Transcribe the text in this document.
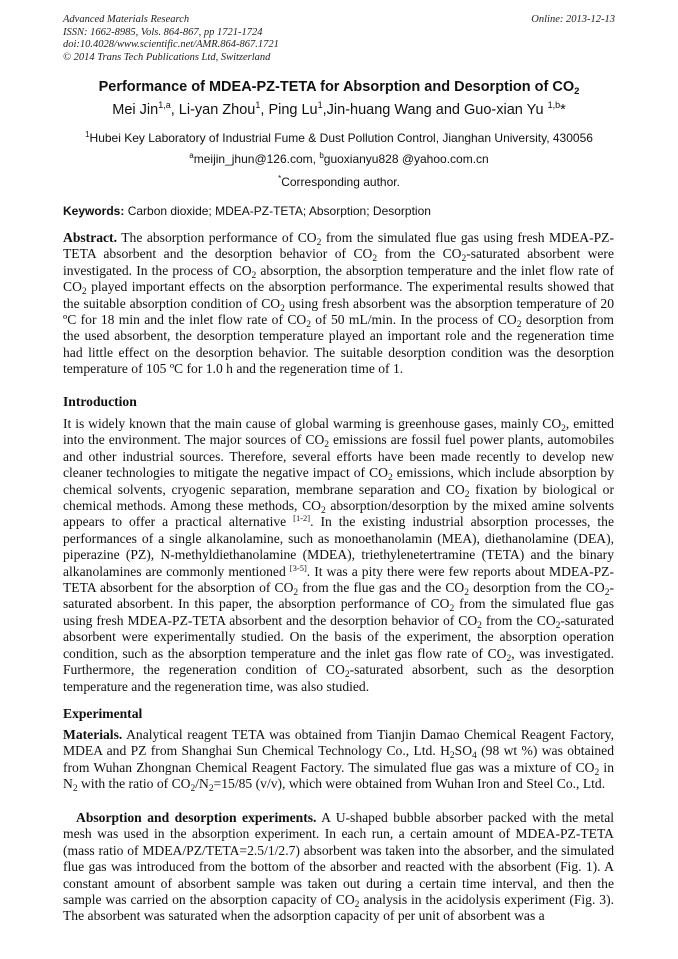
Advanced Materials Research
ISSN: 1662-8985, Vols. 864-867, pp 1721-1724
doi:10.4028/www.scientific.net/AMR.864-867.1721
© 2014 Trans Tech Publications Ltd, Switzerland
Online: 2013-12-13
Performance of MDEA-PZ-TETA for Absorption and Desorption of $CO_2$
Mei Jin$^{1,a}$, Li-yan Zhou$^1$, Ping Lu$^1$,Jin-huang Wang and Guo-xian Yu $^{1,b}$*
$^1$Hubei Key Laboratory of Industrial Fume & Dust Pollution Control, Jianghan University, 430056
$^a$meijin_jhun@126.com, $^b$guoxianyu828 @yahoo.com.cn
*Corresponding author.
Keywords: Carbon dioxide; MDEA-PZ-TETA; Absorption; Desorption
Abstract. The absorption performance of $CO_2$ from the simulated flue gas using fresh MDEA-PZ-TETA absorbent and the desorption behavior of $CO_2$ from the $CO_2$-saturated absorbent were investigated. In the process of $CO_2$ absorption, the absorption temperature and the inlet flow rate of $CO_2$ played important effects on the absorption performance. The experimental results showed that the suitable absorption condition of $CO_2$ using fresh absorbent was the absorption temperature of 20 ºC for 18 min and the inlet flow rate of $CO_2$ of 50 mL/min. In the process of $CO_2$ desorption from the used absorbent, the desorption temperature played an important role and the regeneration time had little effect on the desorption behavior. The suitable desorption condition was the desorption temperature of 105 ºC for 1.0 h and the regeneration time of 1.
Introduction
It is widely known that the main cause of global warming is greenhouse gases, mainly $CO_2$, emitted into the environment. The major sources of $CO_2$ emissions are fossil fuel power plants, automobiles and other industrial sources. Therefore, several efforts have been made recently to develop new cleaner technologies to mitigate the negative impact of $CO_2$ emissions, which include absorption by chemical solvents, cryogenic separation, membrane separation and $CO_2$ fixation by biological or chemical methods. Among these methods, $CO_2$ absorption/desorption by the mixed amine solvents appears to offer a practical alternative [1-2]. In the existing industrial absorption processes, the performances of a single alkanolamine, such as monoethanolamin (MEA), diethanolamine (DEA), piperazine (PZ), N-methyldiethanolamine (MDEA), triethylenetertramine (TETA) and the binary alkanolamines are commonly mentioned [3-5]. It was a pity there were few reports about MDEA-PZ-TETA absorbent for the absorption of $CO_2$ from the flue gas and the $CO_2$ desorption from the $CO_2$-saturated absorbent. In this paper, the absorption performance of $CO_2$ from the simulated flue gas using fresh MDEA-PZ-TETA absorbent and the desorption behavior of $CO_2$ from the $CO_2$-saturated absorbent were experimentally studied. On the basis of the experiment, the absorption operation condition, such as the absorption temperature and the inlet gas flow rate of $CO_2$, was investigated. Furthermore, the regeneration condition of $CO_2$-saturated absorbent, such as the desorption temperature and the regeneration time, was also studied.
Experimental
Materials. Analytical reagent TETA was obtained from Tianjin Damao Chemical Reagent Factory, MDEA and PZ from Shanghai Sun Chemical Technology Co., Ltd. $H_2SO_4$ (98 wt %) was obtained from Wuhan Zhongnan Chemical Reagent Factory. The simulated flue gas was a mixture of $CO_2$ in $N_2$ with the ratio of $CO_2/N_2=15/85$ (v/v), which were obtained from Wuhan Iron and Steel Co., Ltd.
Absorption and desorption experiments. A U-shaped bubble absorber packed with the metal mesh was used in the absorption experiment. In each run, a certain amount of MDEA-PZ-TETA (mass ratio of MDEA/PZ/TETA=2.5/1/2.7) absorbent was taken into the absorber, and the simulated flue gas was introduced from the bottom of the absorber and reacted with the absorbent (Fig. 1). A constant amount of absorbent sample was taken out during a certain time interval, and then the sample was carried on the absorption capacity of $CO_2$ analysis in the acidolysis experiment (Fig. 3). The absorbent was saturated when the adsorption capacity of per unit of absorbent was a
